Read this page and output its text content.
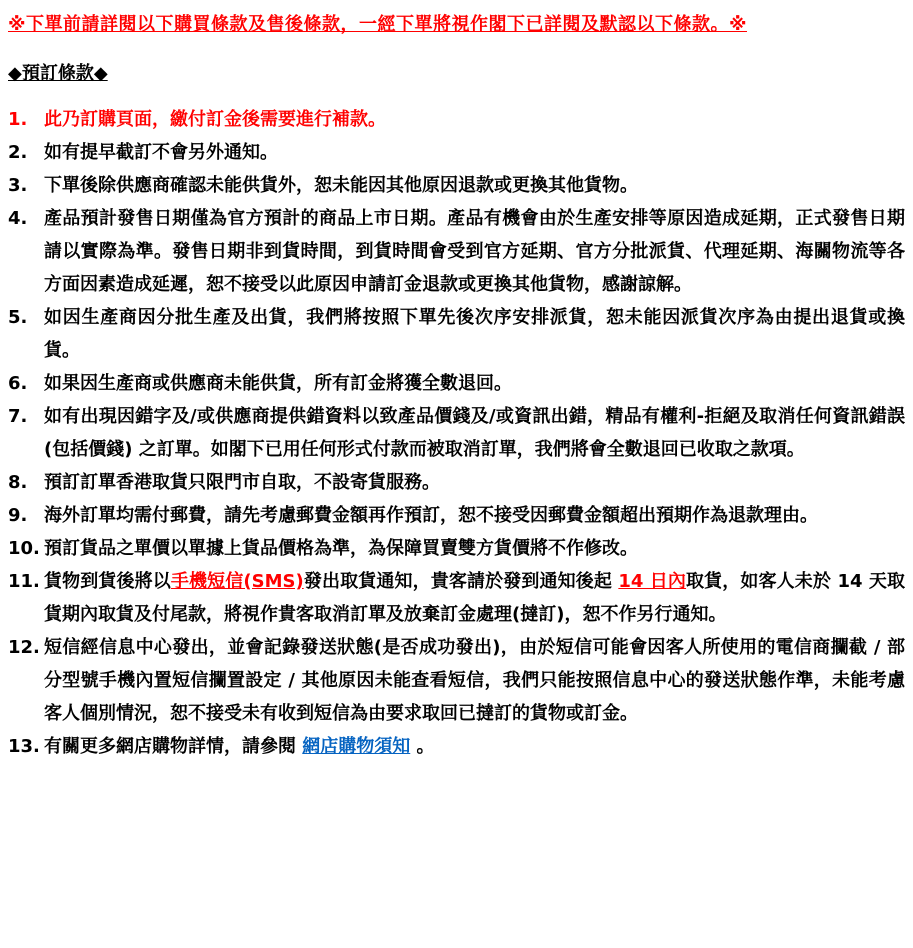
※下單前請詳閱以下購買條款及售後條款，一經下單將視作閣下已詳閱及默認以下條款。※
◆預訂條款◆
1. 此乃訂購頁面，繳付訂金後需要進行補款。
2. 如有提早截訂不會另外通知。
3. 下單後除供應商確認未能供貨外，恕未能因其他原因退款或更換其他貨物。
4. 產品預計發售日期僅為官方預計的商品上市日期。產品有機會由於生產安排等原因造成延期，正式發售日期請以實際為準。發售日期非到貨時間，到貨時間會受到官方延期、官方分批派貨、代理延期、海關物流等各方面因素造成延遲，恕不接受以此原因申請訂金退款或更換其他貨物，感謝諒解。
5. 如因生產商因分批生產及出貨，我們將按照下單先後次序安排派貨，恕未能因派貨次序為由提出退貨或換貨。
6. 如果因生產商或供應商未能供貨，所有訂金將獲全數退回。
7. 如有出現因錯字及/或供應商提供錯資料以致產品價錢及/或資訊出錯，精品有權利-拒絕及取消任何資訊錯誤(包括價錢) 之訂單。如閣下已用任何形式付款而被取消訂單，我們將會全數退回已收取之款項。
8. 預訂訂單香港取貨只限門市自取，不設寄貨服務。
9. 海外訂單均需付郵費，請先考慮郵費金額再作預訂，恕不接受因郵費金額超出預期作為退款理由。
10. 預訂貨品之單價以單據上貨品價格為準，為保障買賣雙方貨價將不作修改。
11. 貨物到貨後將以手機短信(SMS)發出取貨通知，貴客請於發到通知後起 14 日內取貨，如客人未於 14 天取貨期內取貨及付尾款，將視作貴客取消訂單及放棄訂金處理(撻訂)，恕不作另行通知。
12. 短信經信息中心發出，並會記錄發送狀態(是否成功發出)，由於短信可能會因客人所使用的電信商攔截 / 部分型號手機內置短信攔置設定 / 其他原因未能查看短信，我們只能按照信息中心的發送狀態作準，未能考慮客人個別情況，恕不接受未有收到短信為由要求取回已撻訂的貨物或訂金。
13. 有關更多網店購物詳情，請參閱 網店購物須知 。
